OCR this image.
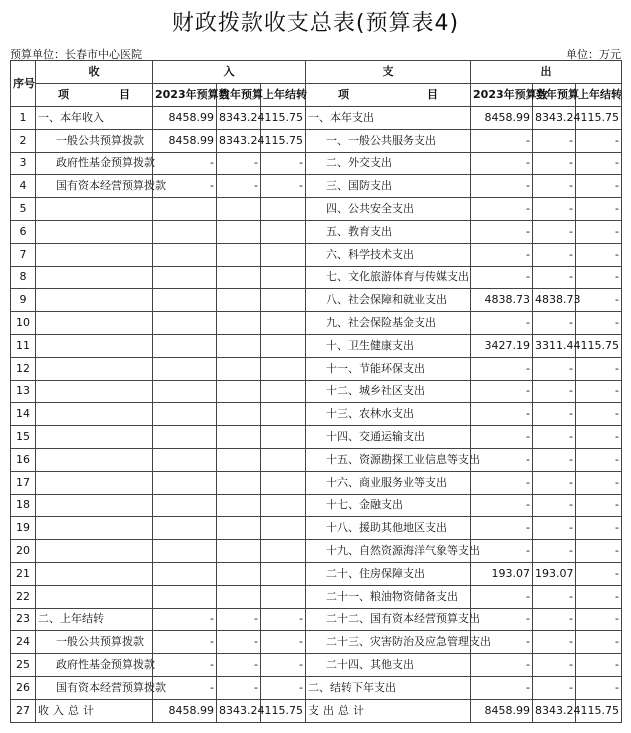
财政拨款收支总表(预算表4)
预算单位：长春市中心医院	单位：万元
序号	收	入			支	出		

	项 目	2023年预算数	当年预算	上年结转	项 目	2023年预算数	当年预算	上年结转
1	一、本年收入	8458.99	8343.24	115.75	一、本年支出	8458.99	8343.24	115.75
2	一般公共预算拨款	8458.99	8343.24	115.75	一、一般公共服务支出	-	-	-
3	政府性基金预算拨款	-	-	-	二、外交支出	-	-	-
4	国有资本经营预算拨款	-	-	-	三、国防支出	-	-	-
5					四、公共安全支出	-	-	-
6					五、教育支出	-	-	-
7					六、科学技术支出	-	-	-
8					七、文化旅游体育与传媒支出	-	-	-
9					八、社会保障和就业支出	4838.73	4838.73	-
10					九、社会保险基金支出	-	-	-
11					十、卫生健康支出	3427.19	3311.44	115.75
12					十一、节能环保支出	-	-	-
13					十二、城乡社区支出	-	-	-
14					十三、农林水支出	-	-	-
15					十四、交通运输支出	-	-	-
16					十五、资源勘探工业信息等支出	-	-	-
17					十六、商业服务业等支出	-	-	-
18					十七、金融支出	-	-	-
19					十八、援助其他地区支出	-	-	-
20					十九、自然资源海洋气象等支出	-	-	-
21					二十、住房保障支出	193.07	193.07	-
22					二十一、粮油物资储备支出	-	-	-
23	二、上年结转	-	-	-	二十二、国有资本经营预算支出	-	-	-
24	一般公共预算拨款	-	-	-	二十三、灾害防治及应急管理支出	-	-	-
25	政府性基金预算拨款	-	-	-	二十四、其他支出	-	-	-
26	国有资本经营预算拨款	-	-	-	二、结转下年支出	-	-	-
27	收入总计	8458.99	8343.24	115.75	支出总计	8458.99	8343.24	115.75
